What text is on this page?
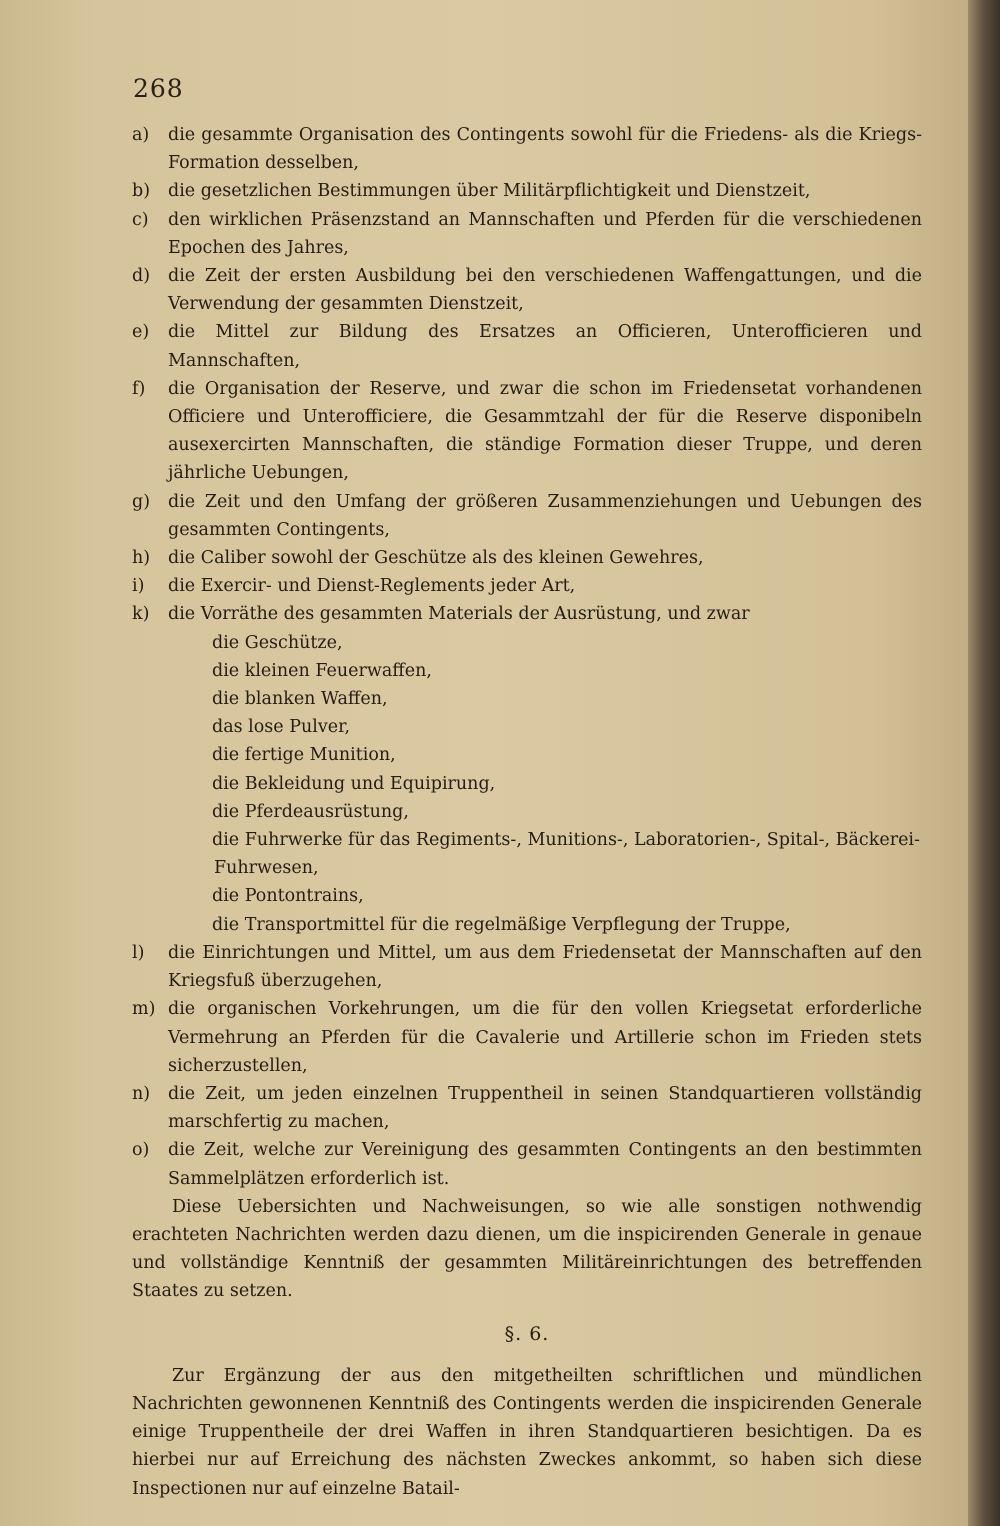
268
a) die gesammte Organisation des Contingents sowohl für die Friedens- als die Kriegs-Formation desselben,
b) die gesetzlichen Bestimmungen über Militärpflichtigkeit und Dienstzeit,
c) den wirklichen Präsenzstand an Mannschaften und Pferden für die verschiedenen Epochen des Jahres,
d) die Zeit der ersten Ausbildung bei den verschiedenen Waffengattungen, und die Verwendung der gesammten Dienstzeit,
e) die Mittel zur Bildung des Ersatzes an Officieren, Unterofficieren und Mannschaften,
f) die Organisation der Reserve, und zwar die schon im Friedensetat vorhandenen Officiere und Unterofficiere, die Gesammtzahl der für die Reserve disponibeln ausexercirten Mannschaften, die ständige Formation dieser Truppe, und deren jährliche Uebungen,
g) die Zeit und den Umfang der größeren Zusammenziehungen und Uebungen des gesammten Contingents,
h) die Caliber sowohl der Geschütze als des kleinen Gewehres,
i) die Exercir- und Dienst-Reglements jeder Art,
k) die Vorräthe des gesammten Materials der Ausrüstung, und zwar
die Geschütze,
die kleinen Feuerwaffen,
die blanken Waffen,
das lose Pulver,
die fertige Munition,
die Bekleidung und Equipirung,
die Pferdeausrüstung,
die Fuhrwerke für das Regiments-, Munitions-, Laboratorien-, Spital-, Bäckerei-Fuhrwesen,
die Pontontrains,
die Transportmittel für die regelmäßige Verpflegung der Truppe,
l) die Einrichtungen und Mittel, um aus dem Friedensetat der Mannschaften auf den Kriegsfuß überzugehen,
m) die organischen Vorkehrungen, um die für den vollen Kriegsetat erforderliche Vermehrung an Pferden für die Cavalerie und Artillerie schon im Frieden stets sicherzustellen,
n) die Zeit, um jeden einzelnen Truppentheil in seinen Standquartieren vollständig marschfertig zu machen,
o) die Zeit, welche zur Vereinigung des gesammten Contingents an den bestimmten Sammelplätzen erforderlich ist.

Diese Uebersichten und Nachweisungen, so wie alle sonstigen nothwendig erachteten Nachrichten werden dazu dienen, um die inspicirenden Generale in genaue und vollständige Kenntniß der gesammten Militäreinrichtungen des betreffenden Staates zu setzen.

§. 6.

Zur Ergänzung der aus den mitgetheilten schriftlichen und mündlichen Nachrichten gewonnenen Kenntniß des Contingents werden die inspicirenden Generale einige Truppentheile der drei Waffen in ihren Standquartieren besichtigen. Da es hierbei nur auf Erreichung des nächsten Zweckes ankommt, so haben sich diese Inspectionen nur auf einzelne Batail-
